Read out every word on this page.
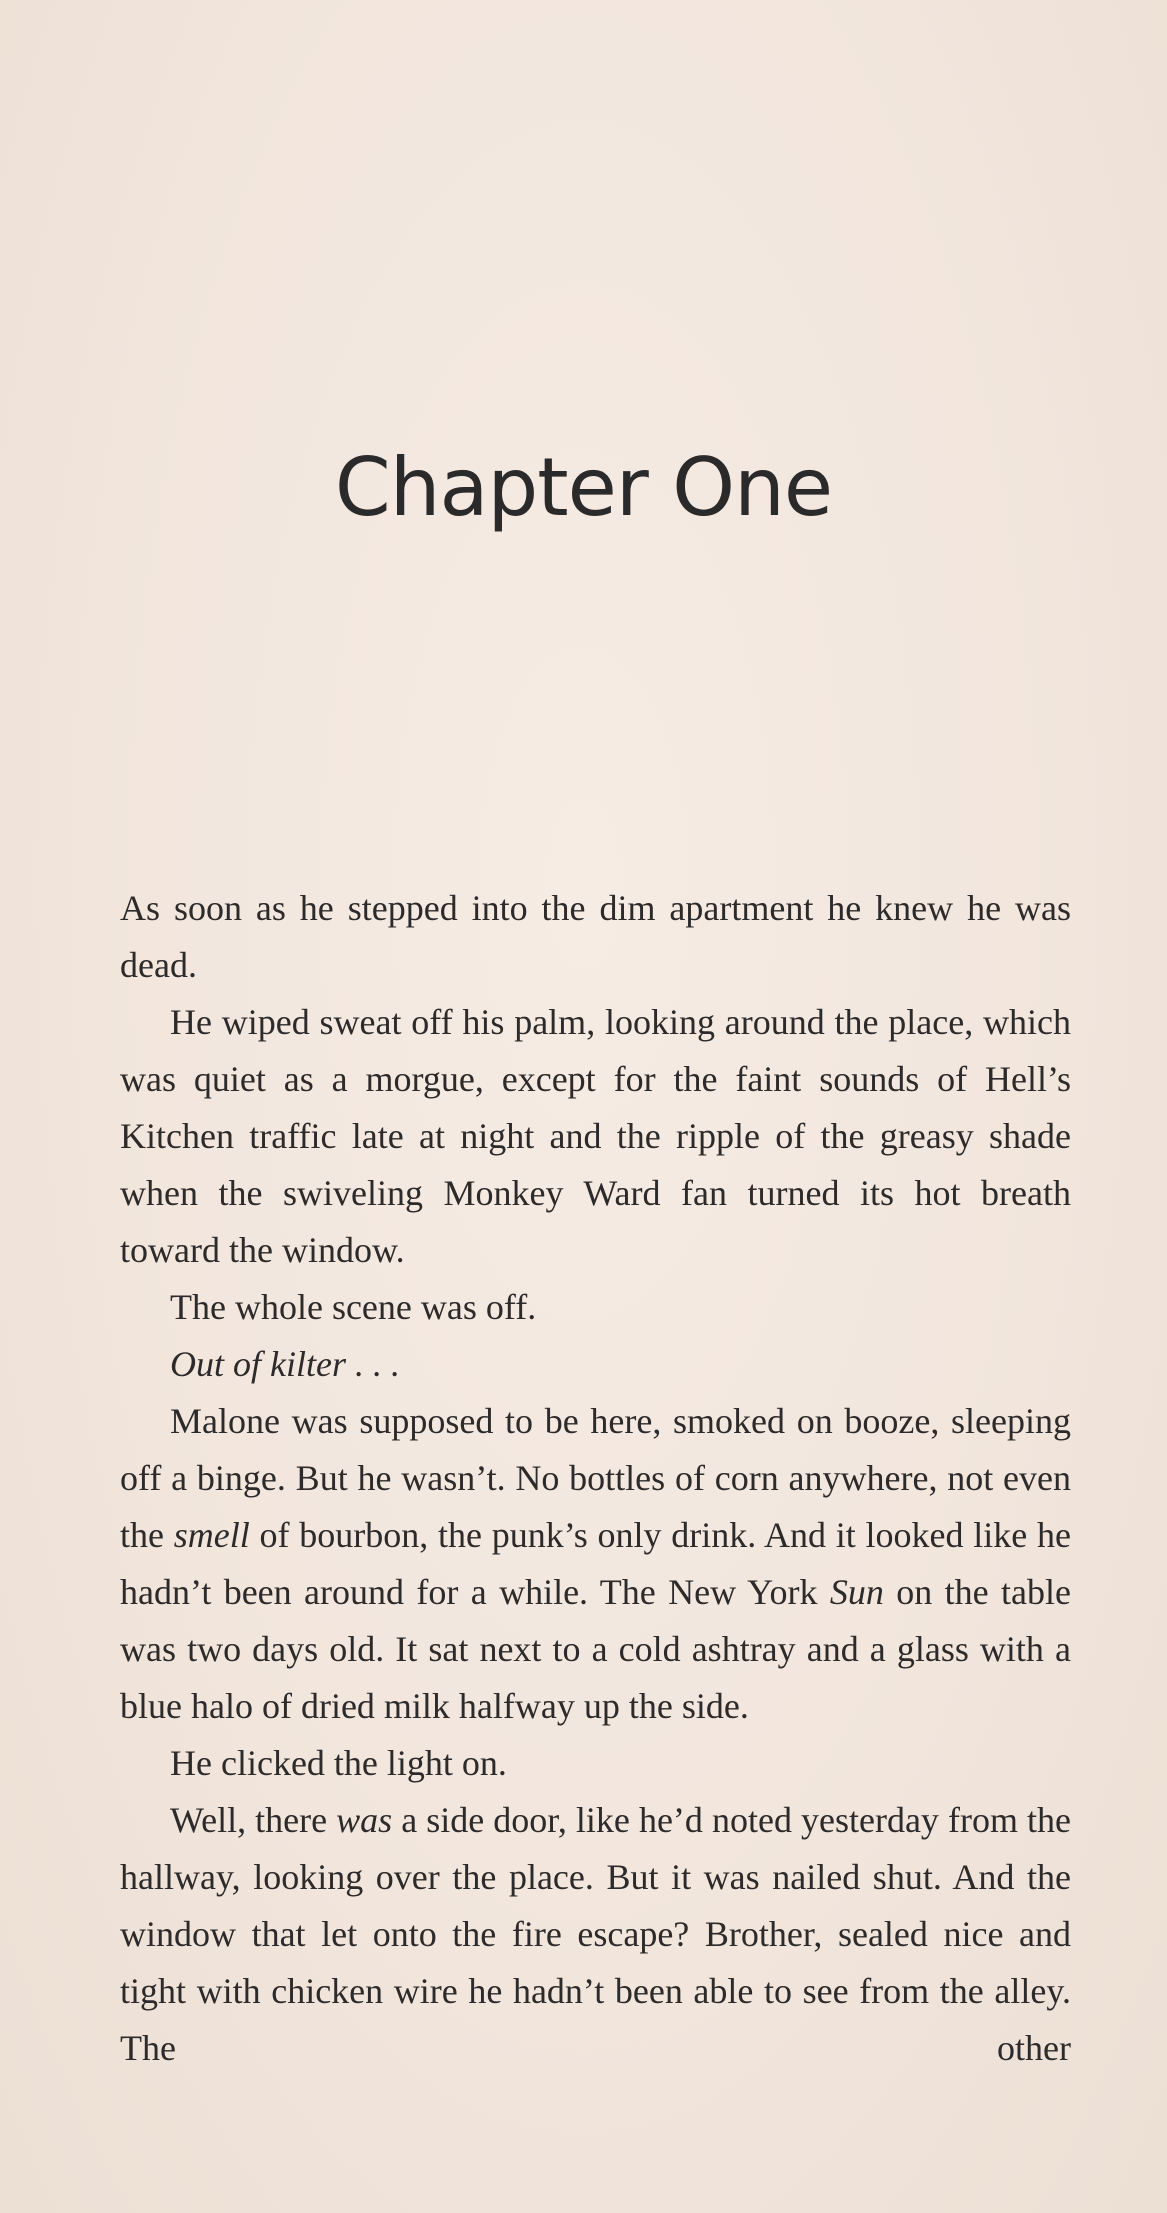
Chapter One

As soon as he stepped into the dim apartment he knew he was dead.

He wiped sweat off his palm, looking around the place, which was quiet as a morgue, except for the faint sounds of Hell’s Kitchen traffic late at night and the ripple of the greasy shade when the swiveling Monkey Ward fan turned its hot breath toward the window.

The whole scene was off.

Out of kilter . . .

Malone was supposed to be here, smoked on booze, sleeping off a binge. But he wasn’t. No bottles of corn anywhere, not even the smell of bourbon, the punk’s only drink. And it looked like he hadn’t been around for a while. The New York Sun on the table was two days old. It sat next to a cold ashtray and a glass with a blue halo of dried milk halfway up the side.

He clicked the light on.

Well, there was a side door, like he’d noted yesterday from the hallway, looking over the place. But it was nailed shut. And the window that let onto the fire escape? Brother, sealed nice and tight with chicken wire he hadn’t been able to see from the alley. The other
